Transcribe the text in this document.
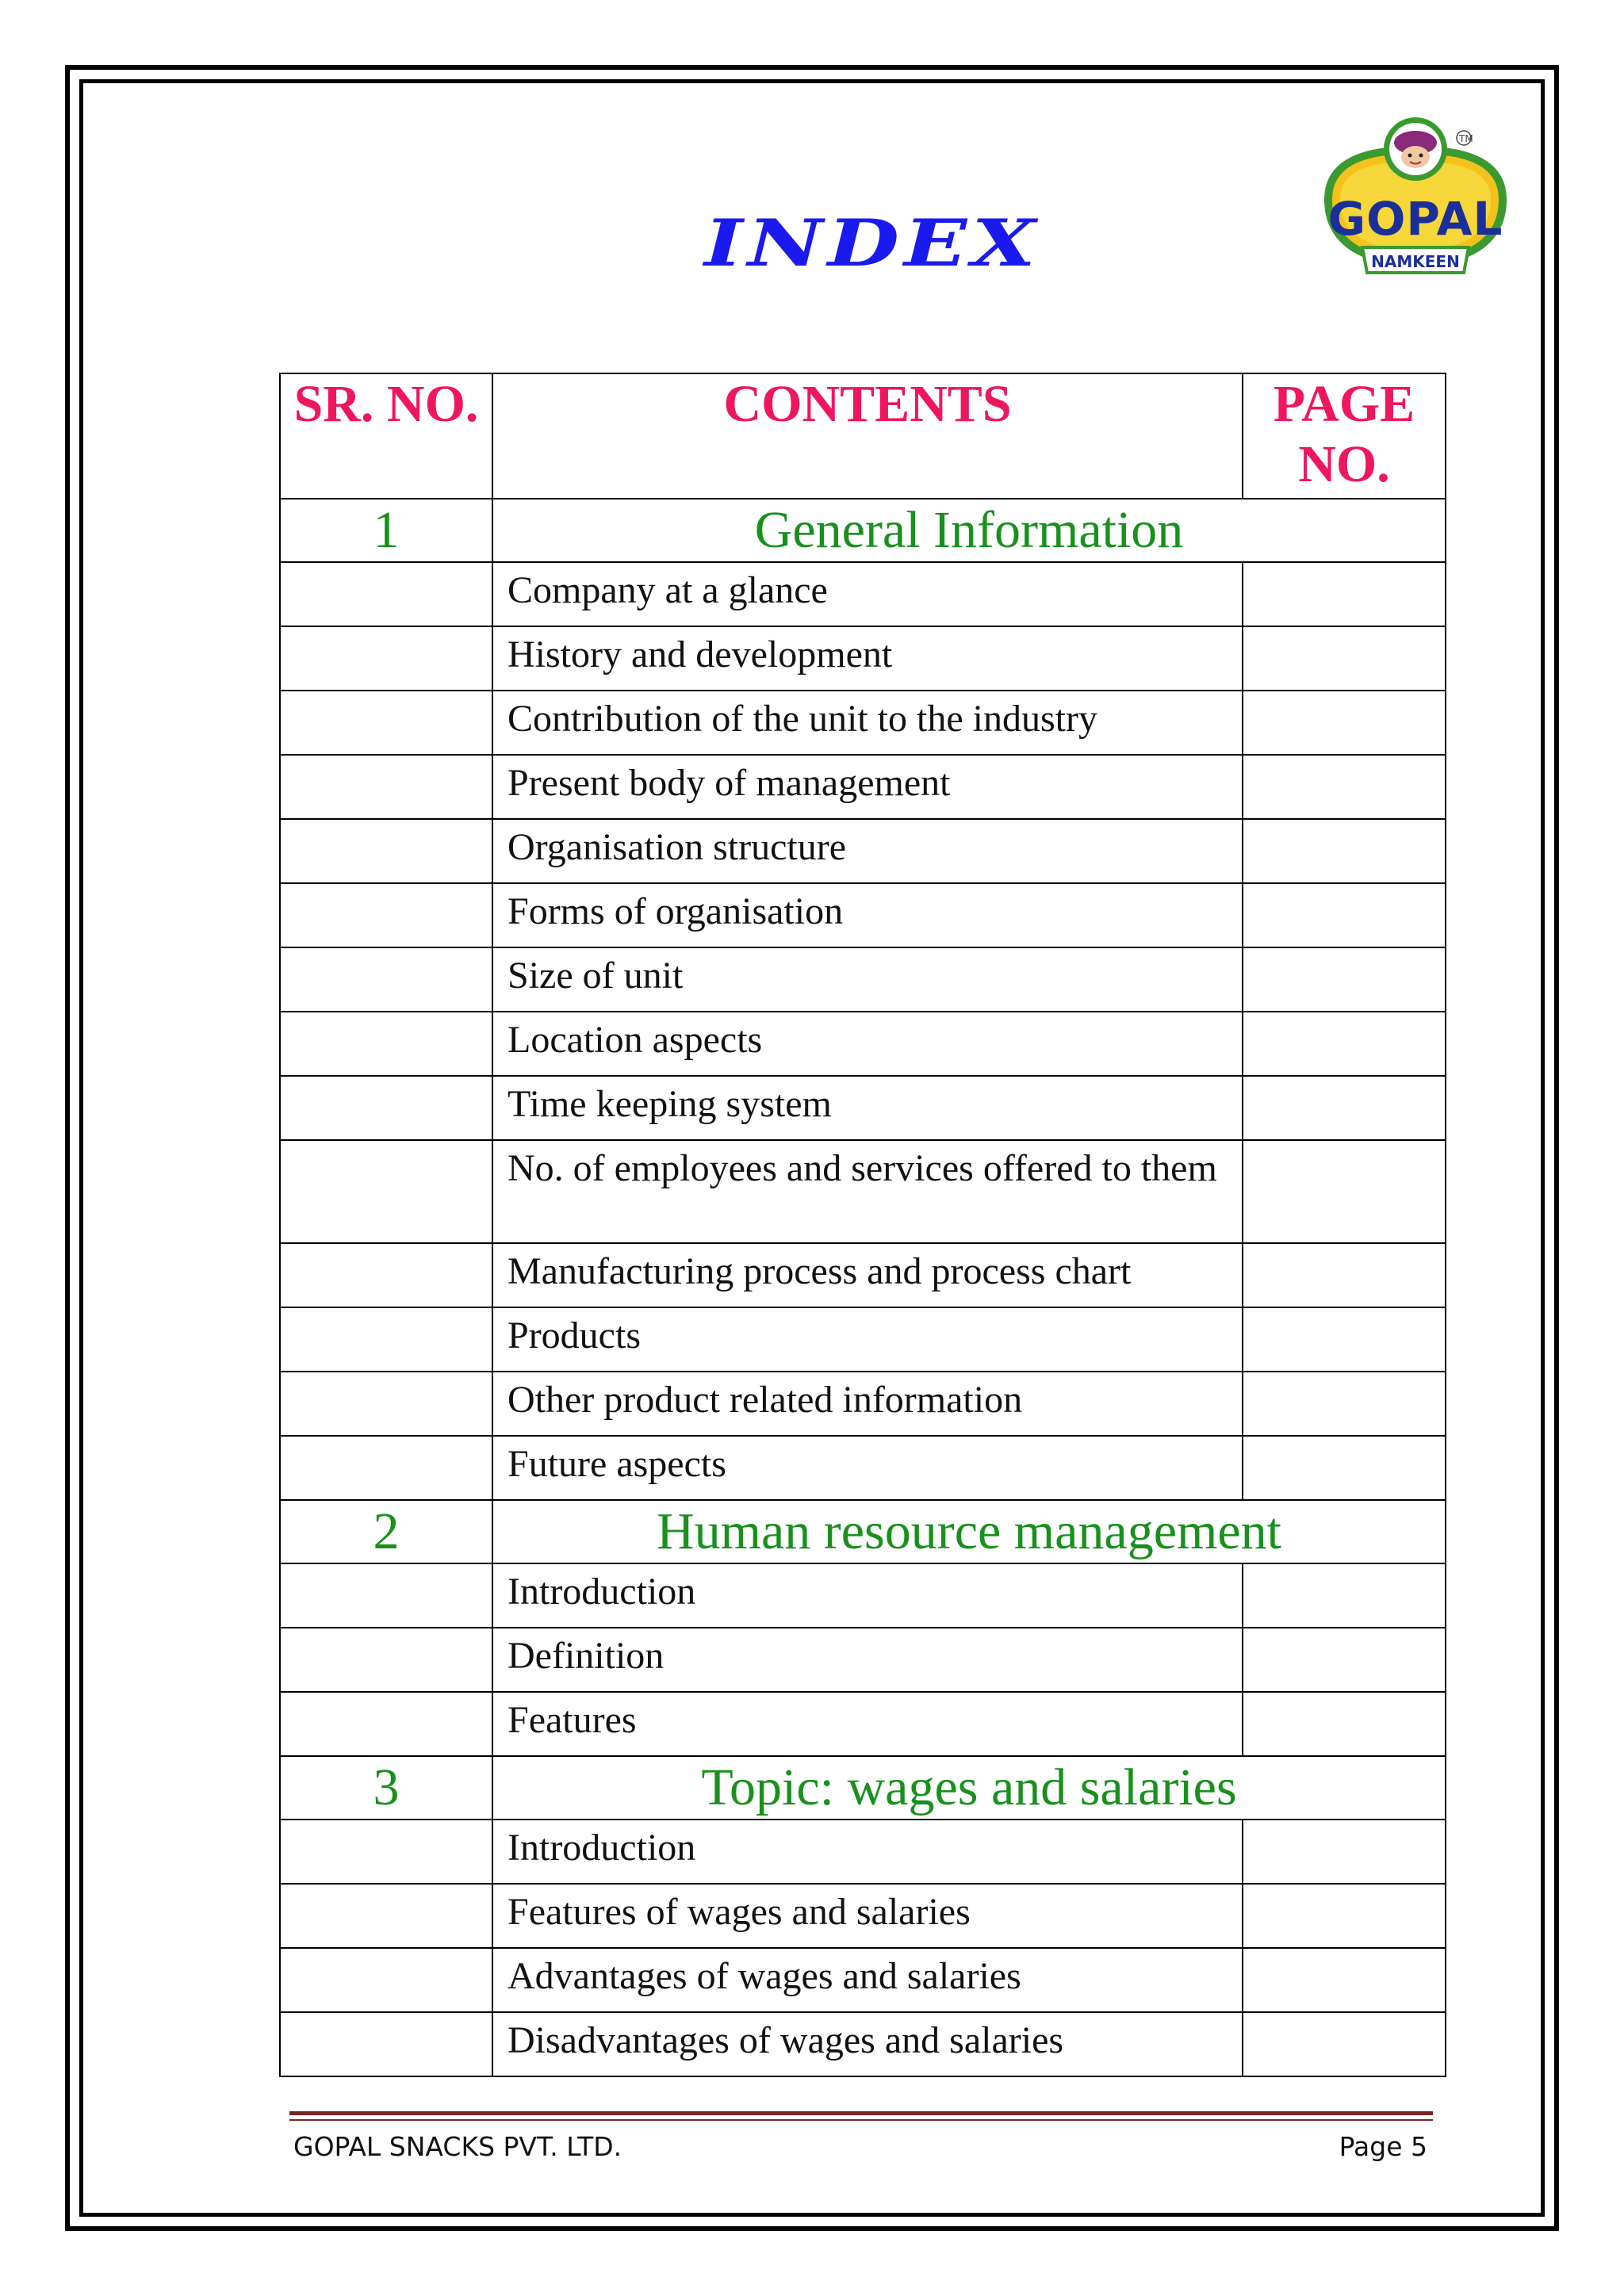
INDEX	GOPAL
NAMKEEN
TM
SR. NO.	CONTENTS	PAGE NO.
1	General Information	
	Company at a glance	
	History and development	
	Contribution of the unit to the industry	
	Present body of management	
	Organisation structure	
	Forms of organisation	
	Size of unit	
	Location aspects	
	Time keeping system	
	No. of employees and services offered to them	
	Manufacturing process and process chart	
	Products	
	Other product related information	
	Future aspects	
2	Human resource management	
	Introduction	
	Definition	
	Features	
3	Topic: wages and salaries	
	Introduction	
	Features of wages and salaries	
	Advantages of wages and salaries	
	Disadvantages of wages and salaries	
GOPAL SNACKS PVT. LTD.	Page 5
